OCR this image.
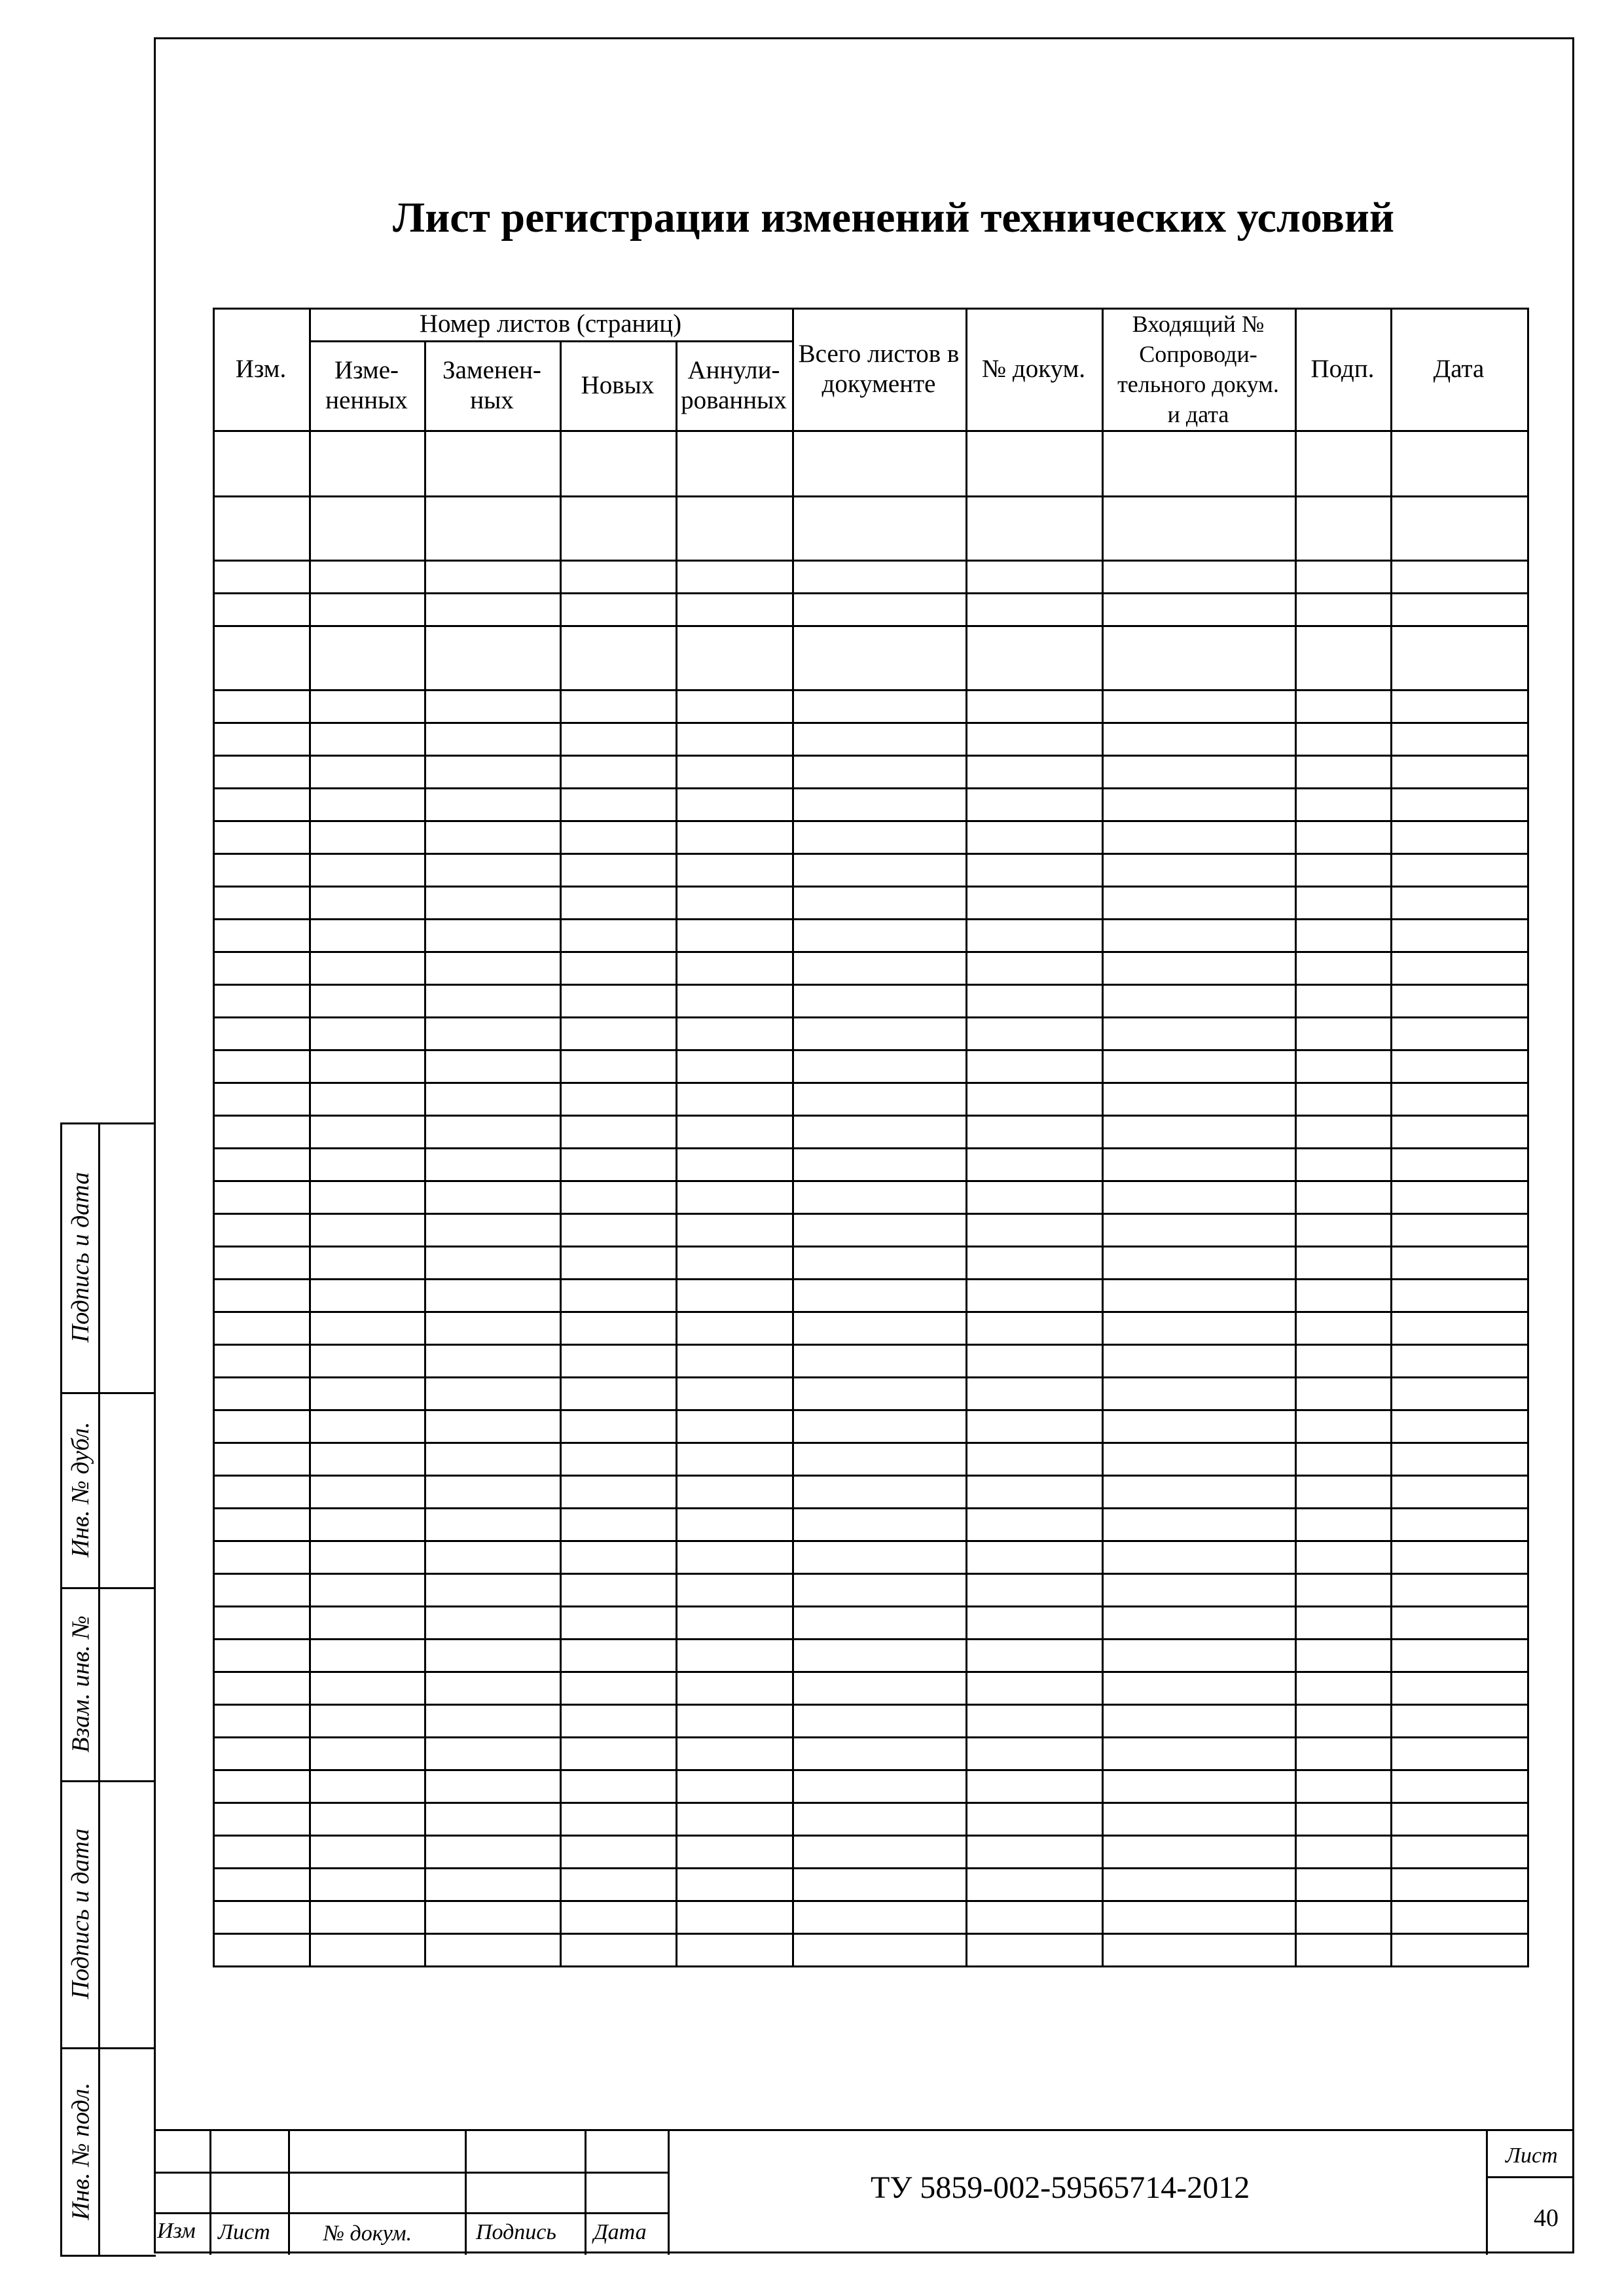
Лист регистрации изменений технических условий
Номер листов (страниц)
Изм. Изме-
ненных
Заменен-
ных
Новых
Аннули-
рованных
Всего листов в
документе
№ докум.
Входящий №
Сопроводи-
тельного докум.
и дата
Подп. Дата
Подпись и дата
Инв. № дубл.
Взам. инв. №
Подпись и дата
Инв. № подл.
Изм Лист № докум.	Подпись Дата
ТУ 5859-002-59565714-2012
Лист
40
